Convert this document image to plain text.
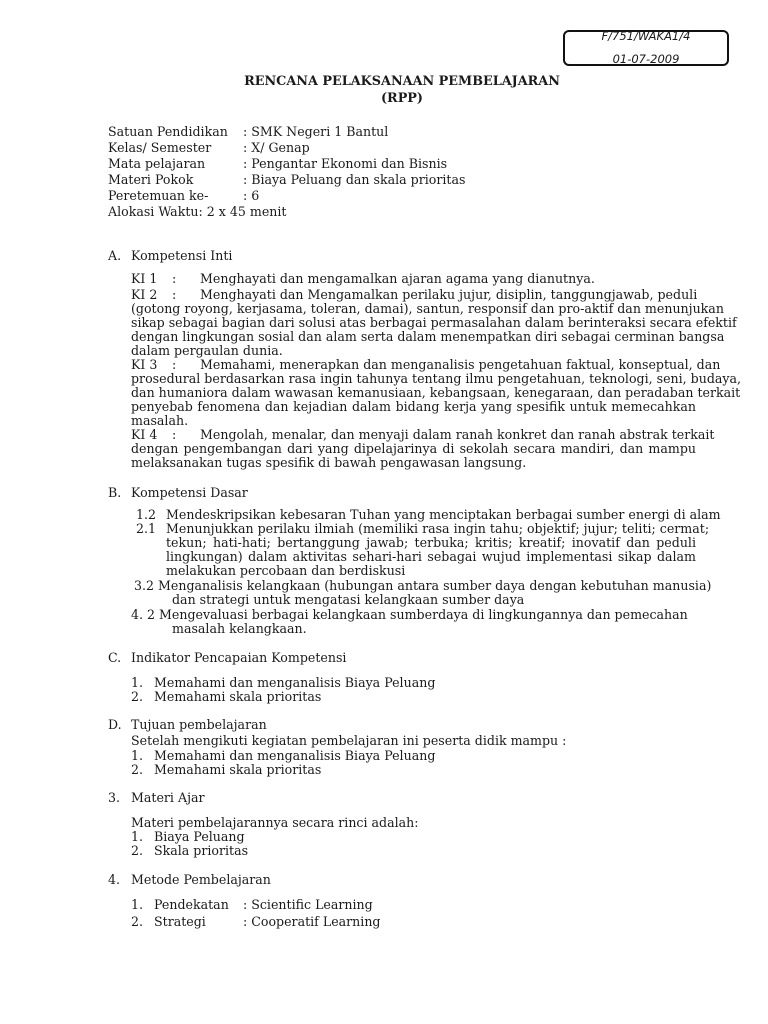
F/751/WAKA1/4
01-07-2009
RENCANA PELAKSANAAN PEMBELAJARAN
(RPP)
Satuan Pendidikan : SMK Negeri 1 Bantul
Kelas/ Semester	: X/ Genap
Mata pelajaran	: Pengantar Ekonomi dan Bisnis
Materi Pokok	: Biaya Peluang dan skala prioritas
Peretemuan ke-	: 6
Alokasi Waktu: 2 x 45 menit
A. Kompetensi Inti
KI 1 : Menghayati dan mengamalkan ajaran agama yang dianutnya.
KI 2 : Menghayati dan Mengamalkan perilaku jujur, disiplin, tanggungjawab, peduli
(gotong royong, kerjasama, toleran, damai), santun, responsif dan pro-aktif dan menunjukan
sikap sebagai bagian dari solusi atas berbagai permasalahan dalam berinteraksi secara efektif
dengan lingkungan sosial dan alam serta dalam menempatkan diri sebagai cerminan bangsa
dalam pergaulan dunia.
KI 3 : Memahami, menerapkan dan menganalisis pengetahuan faktual, konseptual, dan
prosedural berdasarkan rasa ingin tahunya tentang ilmu pengetahuan, teknologi, seni, budaya,
dan humaniora dalam wawasan kemanusiaan, kebangsaan, kenegaraan, dan peradaban terkait
penyebab fenomena dan kejadian dalam bidang kerja yang spesifik untuk memecahkan
masalah.
KI 4 : Mengolah, menalar, dan menyaji dalam ranah konkret dan ranah abstrak terkait
dengan pengembangan dari yang dipelajarinya di sekolah secara mandiri, dan mampu
melaksanakan tugas spesifik di bawah pengawasan langsung.
B. Kompetensi Dasar
1.2 Mendeskripsikan kebesaran Tuhan yang menciptakan berbagai sumber energi di alam
2.1 Menunjukkan perilaku ilmiah (memiliki rasa ingin tahu; objektif; jujur; teliti; cermat;
tekun; hati-hati; bertanggung jawab; terbuka; kritis; kreatif; inovatif dan peduli
lingkungan) dalam aktivitas sehari-hari sebagai wujud implementasi sikap dalam
melakukan percobaan dan berdiskusi
3.2 Menganalisis kelangkaan (hubungan antara sumber daya dengan kebutuhan manusia)
dan strategi untuk mengatasi kelangkaan sumber daya
4. 2 Mengevaluasi berbagai kelangkaan sumberdaya di lingkungannya dan pemecahan
masalah kelangkaan.
C. Indikator Pencapaian Kompetensi
1. Memahami dan menganalisis Biaya Peluang
2. Memahami skala prioritas
D. Tujuan pembelajaran
Setelah mengikuti kegiatan pembelajaran ini peserta didik mampu :
1. Memahami dan menganalisis Biaya Peluang
2. Memahami skala prioritas
3. Materi Ajar
Materi pembelajarannya secara rinci adalah:
1. Biaya Peluang
2. Skala prioritas
4. Metode Pembelajaran
1. Pendekatan : Scientific Learning
2. Strategi	: Cooperatif Learning
